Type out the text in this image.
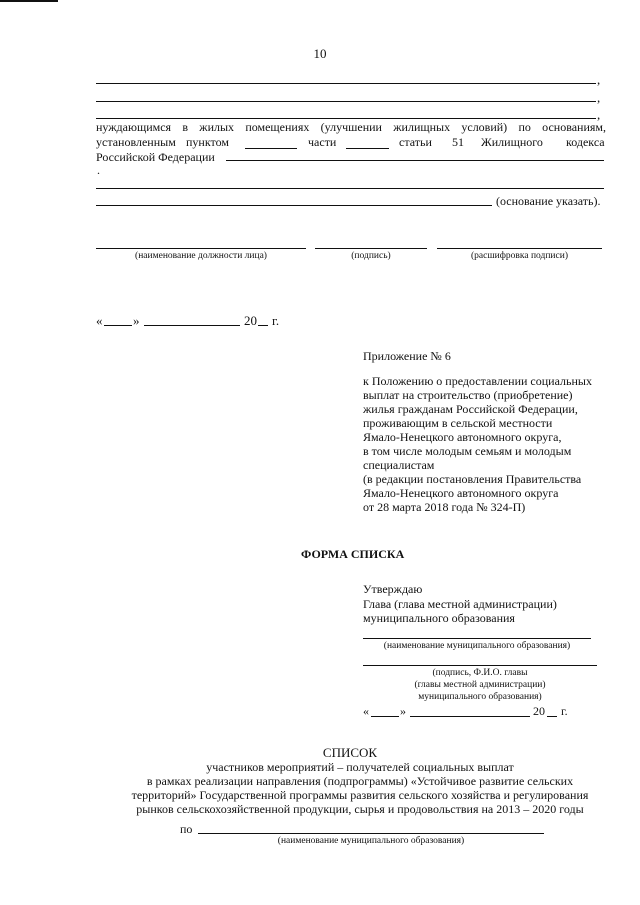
10
,
,
,
нуждающимся в жилых помещениях (улучшении жилищных условий) по основаниям,
установленным пунктом	части	статьи 51 Жилищного кодекса
Российской Федерации
.
(основание указать).
(наименование должности лица)	(подпись)	(расшифровка подписи)
« »	20 г.
Приложение № 6
к Положению о предоставлении социальных
выплат на строительство (приобретение)
жилья гражданам Российской Федерации,
проживающим в сельской местности
Ямало-Ненецкого автономного округа,
в том числе молодым семьям и молодым
специалистам
(в редакции постановления Правительства
Ямало-Ненецкого автономного округа
от 28 марта 2018 года № 324-П)
ФОРМА СПИСКА
Утверждаю
Глава (глава местной администрации)
муниципального образования
(наименование муниципального образования)
(подпись, Ф.И.О. главы
(главы местной администрации)
муниципального образования)
«	»	20 г.
СПИСОК
участников мероприятий – получателей социальных выплат
в рамках реализации направления (подпрограммы) «Устойчивое развитие сельских
территорий» Государственной программы развития сельского хозяйства и регулирования
рынков сельскохозяйственной продукции, сырья и продовольствия на 2013 – 2020 годы
по
(наименование муниципального образования)
